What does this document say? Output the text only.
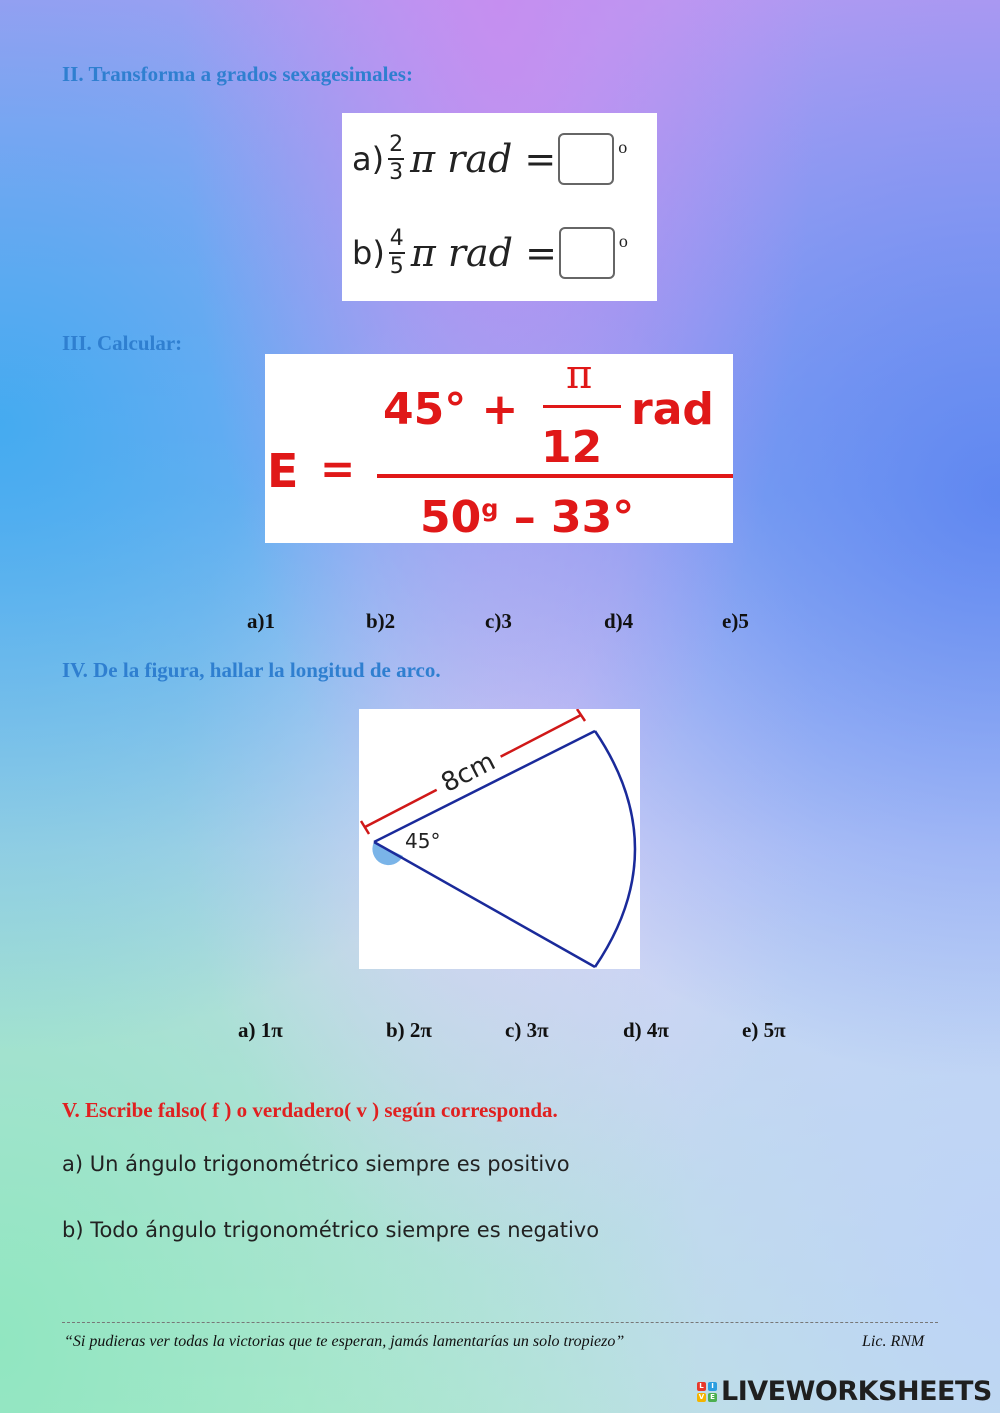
II. Transforma a grados sexagesimales:
$a) \frac{2}{3}$ π rad =	o
$b) \frac{4}{5}$ π rad =	o
III. Calcular:
E =
45° +
π
12
rad
50$^g$ – 33°
a)1	b)2	c)3	d)4	e)5
IV. De la figura, hallar la longitud de arco.
8cm
45°
a) 1π	b) 2π	c) 3π	d) 4π	e) 5π
V. Escribe falso( f ) o verdadero( v ) según corresponda.
a) Un ángulo trigonométrico siempre es positivo
b) Todo ángulo trigonométrico siempre es negativo
“Si pudieras ver todas la victorias que te esperan, jamás lamentarías un solo tropiezo”	Lic. RNM
L	I
V E LIVEWORKSHEETS
